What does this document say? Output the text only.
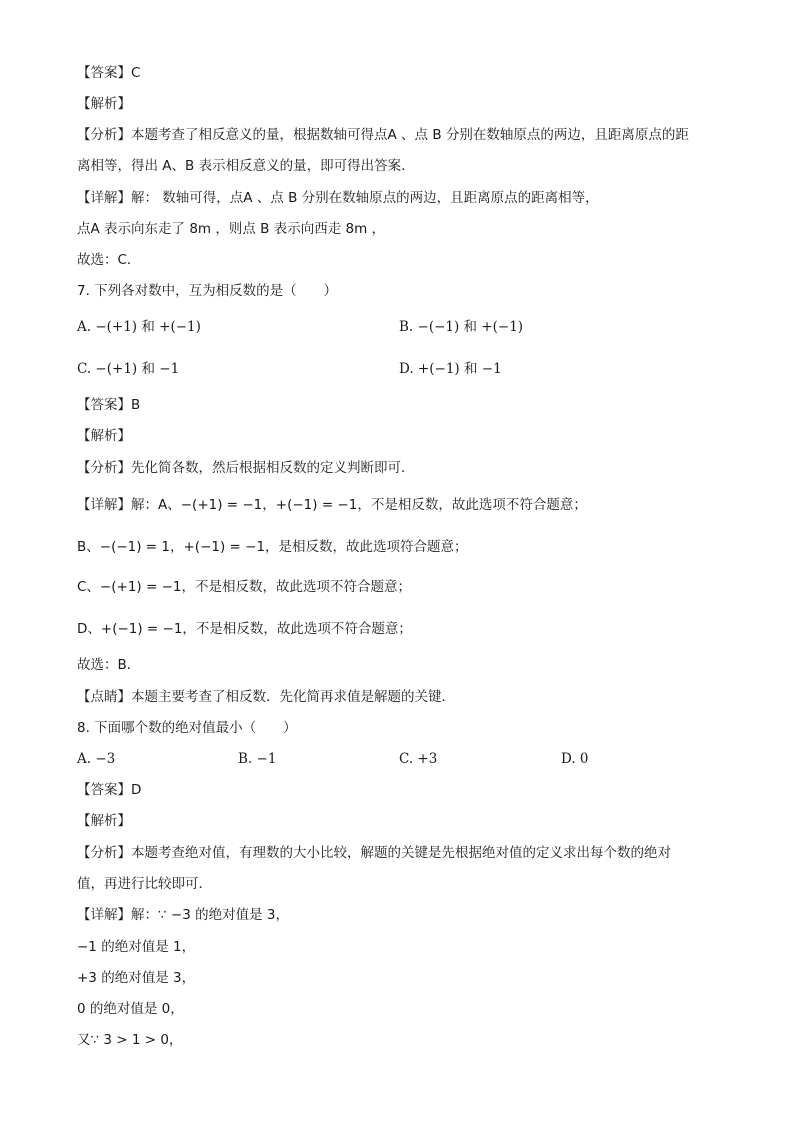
【答案】C
【解析】
【分析】本题考查了相反意义的量，根据数轴可得点A 、点 B 分别在数轴原点的两边，且距离原点的距
离相等，得出 A、B 表示相反意义的量，即可得出答案．
【详解】解： 数轴可得，点A 、点 B 分别在数轴原点的两边，且距离原点的距离相等，
点A 表示向东走了 8m ，则点 B 表示向西走 8m ，
故选：C．
7. 下列各对数中，互为相反数的是（　　）
A. −(+1) 和 +(−1)	B. −(−1) 和 +(−1)
C. −(+1) 和 −1	D. +(−1) 和 −1
【答案】B
【解析】
【分析】先化简各数，然后根据相反数的定义判断即可．
【详解】解：A、−(+1) = −1，+(−1) = −1，不是相反数，故此选项不符合题意；
B、−(−1) = 1，+(−1) = −1，是相反数，故此选项符合题意；
C、−(+1) = −1，不是相反数，故此选项不符合题意；
D、+(−1) = −1，不是相反数，故此选项不符合题意；
故选：B．
【点睛】本题主要考查了相反数．先化简再求值是解题的关键．
8. 下面哪个数的绝对值最小（　　）
A. −3	B. −1	C. +3	D. 0
【答案】D
【解析】
【分析】本题考查绝对值，有理数的大小比较，解题的关键是先根据绝对值的定义求出每个数的绝对
值，再进行比较即可．
【详解】解：∵ −3 的绝对值是 3，
−1 的绝对值是 1，
+3 的绝对值是 3，
0 的绝对值是 0，
又∵ 3 > 1 > 0，
